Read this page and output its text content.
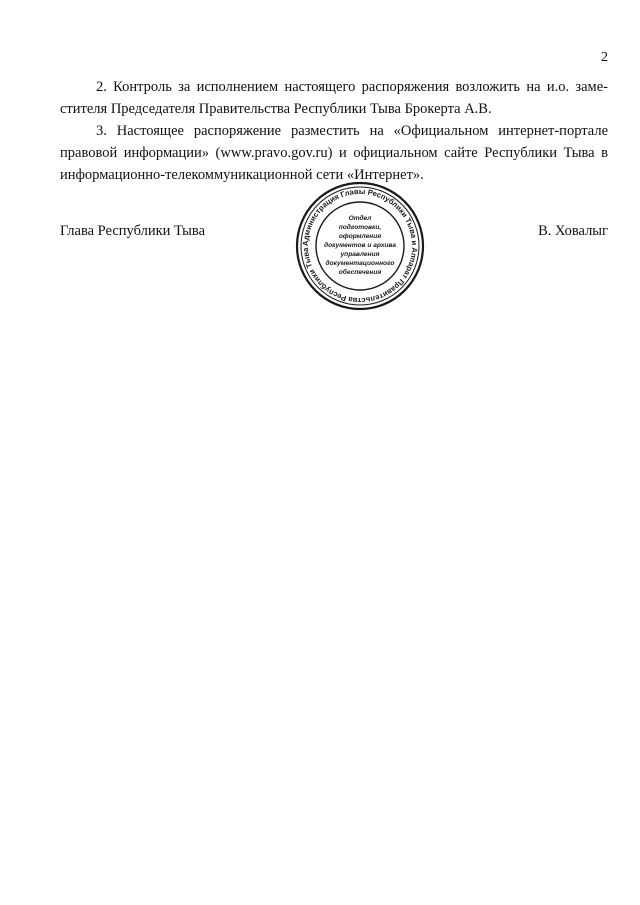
2
2. Контроль за исполнением настоящего распоряжения возложить на и.о. заме-
стителя Председателя Правительства Республики Тыва Брокерта А.В.
3. Настоящее распоряжение разместить на «Официальном интернет-портале
правовой информации» (www.pravo.gov.ru) и официальном сайте Республики Тыва в
информационно-телекоммуникационной сети «Интернет».
Глава Республики Тыва	В. Ховалыг
Администрация Главы Республики Тыва и Аппарат Правительства Республики Тыва
Отдел
подготовки,
оформления
документов и архива
управления
документационного
обеспечения
